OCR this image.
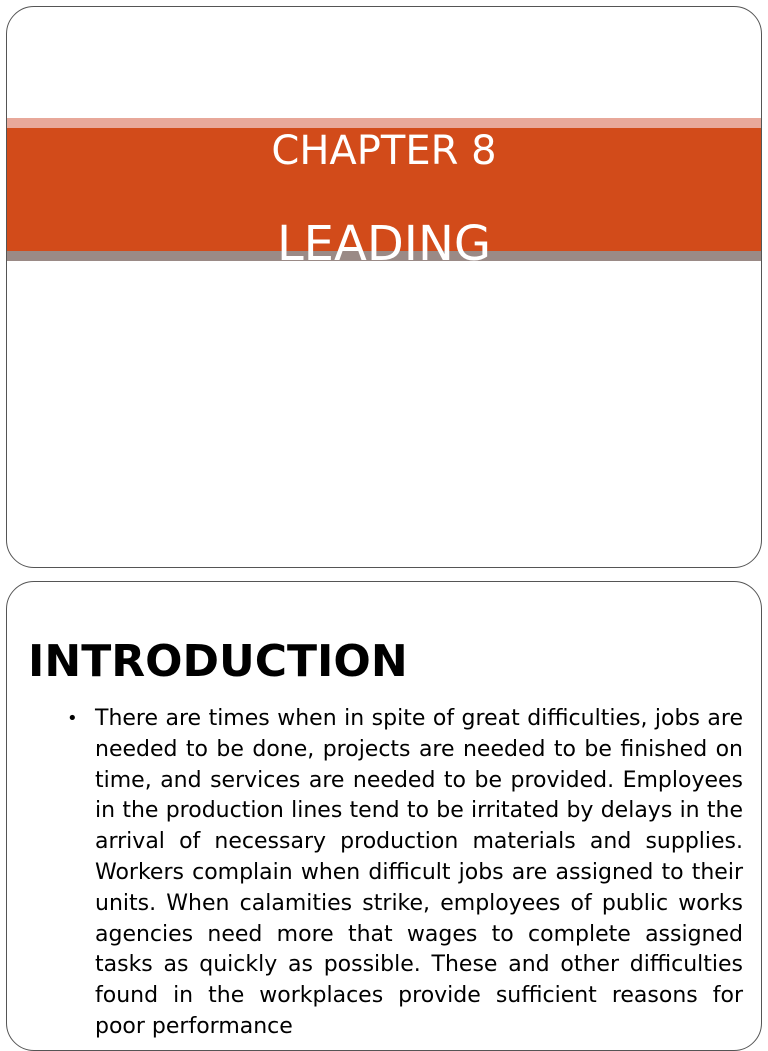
CHAPTER 8
LEADING
INTRODUCTION
• There are times when in spite of great difficulties, jobs are needed to be done, projects are needed to be finished on time, and services are needed to be provided. Employees in the production lines tend to be irritated by delays in the arrival of necessary production materials and supplies. Workers complain when difficult jobs are assigned to their units. When calamities strike, employees of public works agencies need more that wages to complete assigned tasks as quickly as possible. These and other difficulties found in the workplaces provide sufficient reasons for poor performance
